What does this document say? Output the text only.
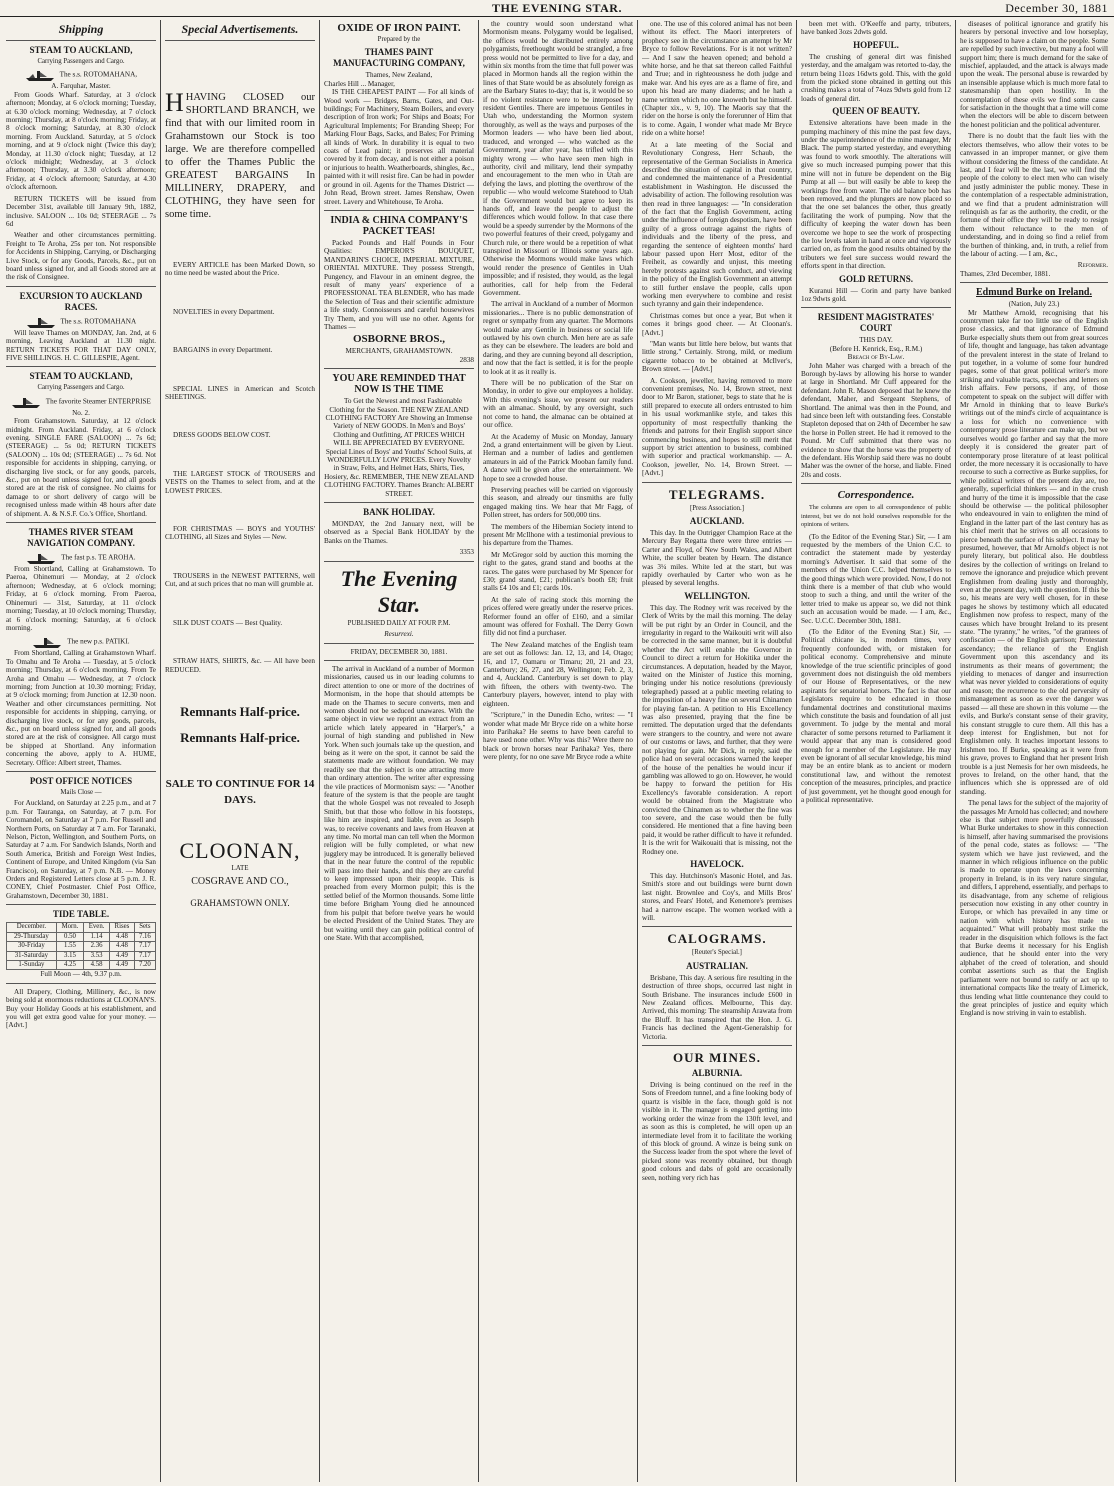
THE EVENING STAR.	December 30, 1881
Shipping
STEAM TO AUCKLAND,
Carrying Passengers and Cargo.
The s.s. ROTOMAHANA,
A. Farquhar, Master.

From Goods Wharf. Saturday, at 3 o'clock afternoon; Monday, at 6 o'clock morning; Tuesday, at 6.30 o'clock morning; Wednesday, at 7 o'clock morning; Thursday, at 8 o'clock morning; Friday, at 8 o'clock morning; Saturday, at 8.30 o'clock morning. From Auckland. Saturday, at 5 o'clock morning, and at 9 o'clock night (Twice this day); Monday, at 11.30 o'clock night; Tuesday, at 12 o'clock midnight; Wednesday, at 3 o'clock afternoon; Thursday, at 3.30 o'clock afternoon; Friday, at 4 o'clock afternoon; Saturday, at 4.30 o'clock afternoon.

RETURN TICKETS will be issued from December 31st, available till January 9th, 1882, inclusive. SALOON ... 10s 0d; STEERAGE ... 7s 6d

Weather and other circumstances permitting. Freight to Te Aroha, 25s per ton. Not responsible for Accidents in Shipping, Carrying, or Discharging Live Stock, or for any Goods, Parcels, &c., put on board unless signed for, and all Goods stored are at the risk of Consignee.

EXCURSION TO AUCKLAND RACES.
The s.s. ROTOMAHANA

Will leave Thames on MONDAY, Jan. 2nd, at 6 morning, Leaving Auckland at 11.30 night. RETURN TICKETS FOR THAT DAY ONLY, FIVE SHILLINGS. H. C. GILLESPIE, Agent.

STEAM TO AUCKLAND,
Carrying Passengers and Cargo.
The favorite Steamer ENTERPRISE No. 2.

From Grahamstown. Saturday, at 12 o'clock midnight. From Auckland. Friday, at 6 o'clock evening. SINGLE FARE (SALOON) ... 7s 6d; (STEERAGE) ... 5s 0d; RETURN TICKETS (SALOON) ... 10s 0d; (STEERAGE) ... 7s 6d. Not responsible for accidents in shipping, carrying, or discharging live stock, or for any goods, parcels, &c., put on board unless signed for, and all goods stored are at the risk of consignee. No claims for damage to or short delivery of cargo will be recognised unless made within 48 hours after date of shipment. A. & N.S.F. Co.'s Office, Shortland.

THAMES RIVER STEAM NAVIGATION COMPANY.
The fast p.s. TE AROHA.

From Shortland, Calling at Grahamstown. To Paeroa, Ohinemuri — Monday, at 2 o'clock afternoon; Wednesday, at 6 o'clock morning; Friday, at 6 o'clock morning. From Paeroa, Ohinemuri — 31st, Saturday, at 11 o'clock morning; Tuesday, at 10 o'clock morning; Thursday, at 6 o'clock morning; Saturday, at 6 o'clock morning.

The new p.s. PATIKI.

From Shortland, Calling at Grahamstown Wharf. To Omahu and Te Aroha — Tuesday, at 5 o'clock morning; Thursday, at 6 o'clock morning. From Te Aroha and Omahu — Wednesday, at 7 o'clock morning; from Junction at 10.30 morning; Friday, at 9 o'clock morning; from Junction at 12.30 noon. Weather and other circumstances permitting. Not responsible for accidents in shipping, carrying, or discharging live stock, or for any goods, parcels, &c., put on board unless signed for, and all goods stored are at the risk of consignee. All cargo must be shipped at Shortland. Any information concerning the above, apply to A. HUME, Secretary. Office: Albert street, Thames.

POST OFFICE NOTICES
Mails Close —

For Auckland, on Saturday at 2.25 p.m., and at 7 p.m. For Tauranga, on Saturday, at 7 p.m. For Coromandel, on Saturday at 7 p.m. For Russell and Northern Ports, on Saturday at 7 a.m. For Taranaki, Nelson, Picton, Wellington, and Southern Ports, on Saturday at 7 a.m. For Sandwich Islands, North and South America, British and Foreign West Indies, Continent of Europe, and United Kingdom (via San Francisco), on Saturday, at 7 p.m. N.B. — Money Orders and Registered Letters close at 5 p.m. J. R. CONEY, Chief Postmaster. Chief Post Office, Grahamstown, December 30, 1881.

TIDE TABLE.
December.	Morn.	Even.	Rises	Sets
29-Thursday	0.50	1.14	4.48	7.16
30-Friday	1.55	2.36	4.48	7.17
31-Saturday	3.15	3.53	4.49	7.17
1-Sunday	4.25	4.58	4.49	7.20
Full Moon — 4th, 9.37 p.m.

All Drapery, Clothing, Millinery, &c., is now being sold at enormous reductions at CLOONAN'S. Buy your Holiday Goods at his establishment, and you will get extra good value for your money. — [Advt.]

Special Advertisements.
HHAVING CLOSED our SHORTLAND BRANCH, we find that with our limited room in Grahamstown our Stock is too large. We are therefore compelled to offer the Thames Public the GREATEST BARGAINS In MILLINERY, DRAPERY, and CLOTHING, they have seen for some time.

EVERY ARTICLE has been Marked Down, so no time need be wasted about the Price.

NOVELTIES in every Department.

BARGAINS in every Department.

SPECIAL LINES in American and Scotch SHEETINGS.

DRESS GOODS BELOW COST.

THE LARGEST STOCK of TROUSERS and VESTS on the Thames to select from, and at the LOWEST PRICES.

FOR CHRISTMAS — BOYS and YOUTHS' CLOTHING, all Sizes and Styles — New.

TROUSERS in the NEWEST PATTERNS, well Cut, and at such prices that no man will grumble at.

SILK DUST COATS — Best Quality.

STRAW HATS, SHIRTS, &c. — All have been REDUCED.

Remnants Half-price.
Remnants Half-price.
SALE TO CONTINUE FOR 14 DAYS.
CLOONAN,
LATE
COSGRAVE AND CO.,
GRAHAMSTOWN ONLY.
OXIDE OF IRON PAINT.
Prepared by the
THAMES PAINT MANUFACTURING COMPANY,
Thames, New Zealand,
Charles Hill ... Manager,

IS THE CHEAPEST PAINT — For all kinds of Wood work — Bridges, Barns, Gates, and Out-buildings; For Machinery, Steam Boilers, and every description of Iron work; For Ships and Boats; For Agricultural Implements; For Branding Sheep; For Marking Flour Bags, Sacks, and Bales; For Priming all kinds of Work. In durability it is equal to two coats of Lead paint; it preserves all material covered by it from decay, and is not either a poison or injurious to health. Weatherboards, shingles, &c., painted with it will resist fire. Can be had in powder or ground in oil. Agents for the Thames District — John Read, Brown street. James Renshaw, Owen street. Lavery and Whitehouse, Te Aroha.

INDIA & CHINA COMPANY'S PACKET TEAS!

Packed Pounds and Half Pounds in Four Qualities: EMPEROR'S BOUQUET, MANDARIN'S CHOICE, IMPERIAL MIXTURE, ORIENTAL MIXTURE. They possess Strength, Pungency, and Flavour in an eminent degree, the result of many years' experience of a PROFESSIONAL TEA BLENDER, who has made the Selection of Teas and their scientific admixture a life study. Connoisseurs and careful housewives Try Them, and you will use no other. Agents for Thames —

OSBORNE BROS.,
MERCHANTS, GRAHAMSTOWN.
2838
YOU ARE REMINDED THAT NOW IS THE TIME

To Get the Newest and most Fashionable Clothing for the Season. THE NEW ZEALAND CLOTHING FACTORY Are Showing an Immense Variety of NEW GOODS. In Men's and Boys' Clothing and Outfitting, AT PRICES WHICH WILL BE APPRECIATED BY EVERYONE. Special Lines of Boys' and Youths' School Suits, at WONDERFULLY LOW PRICES. Every Novelty in Straw, Felts, and Helmet Hats, Shirts, Ties, Hosiery, &c. REMEMBER, THE NEW ZEALAND CLOTHING FACTORY. Thames Branch: ALBERT STREET.

BANK HOLIDAY.

MONDAY, the 2nd January next, will be observed as a Special Bank HOLIDAY by the Banks on the Thames.

3353
The Evening Star.
PUBLISHED DAILY AT FOUR P.M.
Resurrexi.
FRIDAY, DECEMBER 30, 1881.

The arrival in Auckland of a number of Mormon missionaries, caused us in our leading columns to direct attention to one or more of the doctrines of Mormonism, in the hope that should attempts be made on the Thames to secure converts, men and women should not be seduced unawares. With the same object in view we reprint an extract from an article which lately appeared in "Harper's," a journal of high standing and published in New York. When such journals take up the question, and being as it were on the spot, it cannot be said the statements made are without foundation. We may readily see that the subject is one attracting more than ordinary attention. The writer after expressing the vile practices of Mormonism says: — "Another feature of the system is that the people are taught that the whole Gospel was not revealed to Joseph Smith, but that those who follow in his footsteps, like him are inspired, and liable, even as Joseph was, to receive covenants and laws from Heaven at any time. No mortal man can tell when the Mormon religion will be fully completed, or what new jugglery may be introduced. It is generally believed that in the near future the control of the republic will pass into their hands, and this they are careful to keep impressed upon their people. This is preached from every Mormon pulpit; this is the settled belief of the Mormon thousands. Some little time before Brigham Young died he announced from his pulpit that before twelve years he would be elected President of the United States. They are but waiting until they can gain political control of one State. With that accomplished,

the country would soon understand what Mormonism means. Polygamy would be legalised, the offices would be distributed entirely among polygamists, freethought would be strangled, a free press would not be permitted to live for a day, and within six months from the time that full power was placed in Mormon hands all the region within the lines of that State would be as absolutely foreign as are the Barbary States to-day; that is, it would be so if no violent resistance were to be interposed by resident Gentiles. There are impetuous Gentiles in Utah who, understanding the Mormon system thoroughly, as well as the ways and purposes of the Mormon leaders — who have been lied about, traduced, and wronged — who watched as the Government, year after year, has trifled with this mighty wrong — who have seen men high in authority, civil and military, lend their sympathy and encouragement to the men who in Utah are defying the laws, and plotting the overthrow of the republic — who would welcome Statehood to Utah if the Government would but agree to keep its hands off, and leave the people to adjust the differences which would follow. In that case there would be a speedy surrender by the Mormons of the two powerful features of their creed, polygamy and Church rule, or there would be a repetition of what transpired in Missouri or Illinois some years ago. Otherwise the Mormons would make laws which would render the presence of Gentiles in Utah impossible; and if resisted, they would, as the legal authorities, call for help from the Federal Government.

The arrival in Auckland of a number of Mormon missionaries... There is no public demonstration of regret or sympathy from any quarter. The Mormons would make any Gentile in business or social life outlawed by his own church. Men here are as safe as they can be elsewhere. The leaders are bold and daring, and they are cunning beyond all description, and now that the fact is settled, it is for the people to look at it as it really is.

There will be no publication of the Star on Monday, in order to give our employees a holiday. With this evening's issue, we present our readers with an almanac. Should, by any oversight, such not come to hand, the almanac can be obtained at our office.

At the Academy of Music on Monday, January 2nd, a grand entertainment will be given by Lieut. Herman and a number of ladies and gentlemen amateurs in aid of the Patrick Mooban family fund. A dance will be given after the entertainment. We hope to see a crowded house.

Preserving peaches will be carried on vigorously this season, and already our tinsmiths are fully engaged making tins. We hear that Mr Fagg, of Pollen street, has orders for 500,000 tins.

The members of the Hibernian Society intend to present Mr McIlhone with a testimonial previous to his departure from the Thames.

Mr McGregor sold by auction this morning the right to the gates, grand stand and booths at the races. The gates were purchased by Mr Spencer for £30; grand stand, £21; publican's booth £8; fruit stalls £4 10s and £1; cards 10s.

At the sale of racing stock this morning the prices offered were greatly under the reserve prices. Reformer found an offer of £160, and a similar amount was offered for Foxhall. The Derry Gown filly did not find a purchaser.

The New Zealand matches of the English team are set out as follows: Jan. 12, 13, and 14, Otago; 16, and 17, Oamaru or Timaru; 20, 21 and 23, Canterbury; 26, 27, and 28, Wellington; Feb. 2, 3, and 4, Auckland. Canterbury is set down to play with fifteen, the others with twenty-two. The Canterbury players, however, intend to play with eighteen.

"Scripture," in the Dunedin Echo, writes: — "I wonder what made Mr Bryce ride on a white horse into Parihaka? He seems to have been careful to have used none other. Why was this? Were there no black or brown horses near Parihaka? Yes, there were plenty, for no one save Mr Bryce rode a white

one. The use of this colored animal has not been without its effect. The Maori interpreters of prophecy see in the circumstance an attempt by Mr Bryce to follow Revelations. For is it not written? — And I saw the heaven opened; and behold a white horse, and he that sat thereon called Faithful and True; and in righteousness he doth judge and make war. And his eyes are as a flame of fire, and upon his head are many diadems; and he hath a name written which no one knoweth but he himself. (Chapter xix., v. 9, 10). The Maoris say that the rider on the horse is only the forerunner of Him that is to come. Again, I wonder what made Mr Bryce ride on a white horse!

At a late meeting of the Social and Revolutionary Congress, Herr Schaub, the representative of the German Socialists in America described the situation of capital in that country, and condemned the maintenance of a Presidential establishment in Washington. He discussed the advisability of action. The following resolution was then read in three languages: — "In consideration of the fact that the English Government, acting under the influence of foreign despotism, have been guilty of a gross outrage against the rights of individuals and the liberty of the press, and regarding the sentence of eighteen months' hard labour passed upon Herr Most, editor of the Freiheit, as cowardly and unjust, this meeting hereby protests against such conduct, and viewing in the policy of the English Government an attempt to still further enslave the people, calls upon working men everywhere to combine and resist such tyranny and gain their independence.

Christmas comes but once a year, But when it comes it brings good cheer. — At Cloonan's. [Advt.]

"Man wants but little here below, but wants that little strong." Certainly. Strong, mild, or medium cigarette tobacco to be obtained at McIlver's, Brown street. — [Advt.]

A. Cookson, jeweller, having removed to more convenient premises, No. 14, Brown street, next door to Mr Baron, stationer, begs to state that he is still prepared to execute all orders entrusted to him in his usual workmanlike style, and takes this opportunity of most respectfully thanking the friends and patrons for their English support since commencing business, and hopes to still merit that support by strict attention to business, combined with superior and practical workmanship. — A. Cookson, jeweller, No. 14, Brown Street. — [Advt.]

TELEGRAMS.
[Press Association.]
AUCKLAND.

This day. In the Outrigger Champion Race at the Mercury Bay Regatta there were three entries — Carter and Floyd, of New South Wales, and Albert White, the sculler beaten by Hearn. The distance was 3¼ miles. White led at the start, but was rapidly overhauled by Carter who won as he pleased by several lengths.

WELLINGTON.

This day. The Rodney writ was received by the Clerk of Writs by the mail this morning. The delay will be put right by an Order in Council, and the irregularity in regard to the Waikouiti writ will also be corrected in the same manner, but it is doubtful whether the Act will enable the Governor in Council to direct a return for Hokitika under the circumstances. A deputation, headed by the Mayor, waited on the Minister of Justice this morning, bringing under his notice resolutions (previously telegraphed) passed at a public meeting relating to the imposition of a heavy fine on several Chinamen for playing fan-tan. A petition to His Excellency was also presented, praying that the fine be remitted. The deputation urged that the defendants were strangers to the country, and were not aware of our customs or laws, and further, that they were not playing for gain. Mr Dick, in reply, said the police had on several occasions warned the keeper of the house of the penalties he would incur if gambling was allowed to go on. However, he would be happy to forward the petition for His Excellency's favorable consideration. A report would be obtained from the Magistrate who convicted the Chinamen as to whether the fine was too severe, and the case would then be fully considered. He mentioned that a fine having been paid, it would be rather difficult to have it refunded. It is the writ for Waikouaiti that is missing, not the Rodney one.

HAVELOCK.

This day. Hutchinson's Masonic Hotel, and Jas. Smith's store and out buildings were burnt down last night. Brownlee and Coy's, and Mills Bros' stores, and Fears' Hotel, and Kenemore's premises had a narrow escape. The women worked with a will.

CALOGRAMS.
[Reuter's Special.]
AUSTRALIAN.

Brisbane, This day. A serious fire resulting in the destruction of three shops, occurred last night in South Brisbane. The insurances include £600 in New Zealand offices. Melbourne, This day. Arrived, this morning: The steamship Arawata from the Bluff. It has transpired that the Hon. J. G. Francis has declined the Agent-Generalship for Victoria.

OUR MINES.
ALBURNIA.

Driving is being continued on the reef in the Sons of Freedom tunnel, and a fine looking body of quartz is visible in the face, though gold is not visible in it. The manager is engaged getting into working order the winze from the 130ft level, and as soon as this is completed, he will open up an intermediate level from it to facilitate the working of this block of ground. A winze is being sunk on the Success leader from the spot where the level of picked stone was recently obtained, but though good colours and dabs of gold are occasionally seen, nothing very rich has

been met with. O'Keeffe and party, tributers, have banked 3ozs 2dwts gold.

HOPEFUL.

The crushing of general dirt was finished yesterday, and the amalgam was retorted to-day, the return being 11ozs 16dwts gold. This, with the gold from the picked stone obtained in getting out this crushing makes a total of 74ozs 9dwts gold from 12 loads of general dirt.

QUEEN OF BEAUTY.

Extensive alterations have been made in the pumping machinery of this mine the past few days, under the superintendence of the mine manager, Mr Black. The pump started yesterday, and everything was found to work smoothly. The alterations will give so much increased pumping power that this mine will not in future be dependent on the Big Pump at all — but will easily be able to keep the workings free from water. The old balance bob has been removed, and the plungers are now placed so that the one set balances the other, thus greatly facilitating the work of pumping. Now that the difficulty of keeping the water down has been overcome we hope to see the work of prospecting the low levels taken in hand at once and vigorously carried on, as from the good results obtained by the tributers we feel sure success would reward the efforts spent in that direction.

GOLD RETURNS.

Kuranui Hill — Corin and party have banked 1oz 9dwts gold.

RESIDENT MAGISTRATES' COURT
THIS DAY.
(Before H. Kenrick, Esq., R.M.)
Breach of By-Law.

John Maher was charged with a breach of the Borough by-laws by allowing his horse to wander at large in Shortland. Mr Cuff appeared for the defendant. John R. Mason deposed that he knew the defendant, Maher, and Sergeant Stephens, of Shortland. The animal was then in the Pound, and had since been left with outstanding fees. Constable Stapleton deposed that on 24th of December he saw the horse in Pollen street. He had it removed to the Pound. Mr Cuff submitted that there was no evidence to show that the horse was the property of the defendant. His Worship said there was no doubt Maher was the owner of the horse, and liable. Fined 20s and costs.

Correspondence.

The columns are open to all correspondence of public interest, but we do not hold ourselves responsible for the opinions of writers.

(To the Editor of the Evening Star.) Sir, — I am requested by the members of the Union C.C. to contradict the statement made by yesterday morning's Advertiser. It said that some of the members of the Union C.C. helped themselves to the good things which were provided. Now, I do not think there is a member of that club who would stoop to such a thing, and until the writer of the letter tried to make us appear so, we did not think such an accusation would be made. — I am, &c., Sec. U.C.C. December 30th, 1881.

(To the Editor of the Evening Star.) Sir, — Political chicane is, in modern times, very frequently confounded with, or mistaken for political economy. Comprehensive and minute knowledge of the true scientific principles of good government does not distinguish the old members of our House of Representatives, or the new aspirants for senatorial honors. The fact is that our Legislators require to be educated in those fundamental doctrines and constitutional maxims which constitute the basis and foundation of all just government. To judge by the mental and moral character of some persons returned to Parliament it would appear that any man is considered good enough for a member of the Legislature. He may even be ignorant of all secular knowledge, his mind may be an entire blank as to ancient or modern constitutional law, and without the remotest conception of the measures, principles, and practice of just government, yet he thought good enough for a political representative.

diseases of political ignorance and gratify his hearers by personal invective and low horseplay, he is supposed to have a claim on the people. Some are repelled by such invective, but many a fool will support him; there is much demand for the sake of mischief, applauded, and the attack is always made upon the weak. The personal abuse is rewarded by an insensible applause which is much more fatal to statesmanship than open hostility. In the contemplation of these evils we find some cause for satisfaction in the thought that a time will come when the electors will be able to discern between the honest politician and the political adventurer.

There is no doubt that the fault lies with the electors themselves, who allow their votes to be canvassed in an improper manner, or give them without considering the fitness of the candidate. At last, and I fear will be the last, we will find the people of the colony to elect men who can wisely and justly administer the public money. These in the contemplation of a respectable administration, and we find that a prudent administration will relinquish as far as the authority, the credit, or the fortune of their office they will be ready to resign them without reluctance to the men of understanding, and in doing so find a relief from the burthen of thinking, and, in truth, a relief from the labour of acting. — I am, &c.,

Reformer.
Thames, 23rd December, 1881.
Edmund Burke on Ireland.
(Nation, July 23.)

Mr Matthew Arnold, recognising that his countrymen take far too little use of the English prose classics, and that ignorance of Edmund Burke especially shuts them out from great sources of life, thought and language, has taken advantage of the prevalent interest in the state of Ireland to put together, in a volume of some four hundred pages, some of that great political writer's more striking and valuable tracts, speeches and letters on Irish affairs. Few persons, if any, of those competent to speak on the subject will differ with Mr Arnold in thinking that to leave Burke's writings out of the mind's circle of acquaintance is a loss for which no convenience with contemporary prose literature can make up, but we ourselves would go farther and say that the more deeply it is considered the greater part of contemporary prose literature of at least political order, the more necessary it is occasionally to have recourse to such a corrective as Burke supplies, for while political writers of the present day are, too generally, superficial thinkers — and in the crush and hurry of the time it is impossible that the case should be otherwise — the political philosopher who endeavoured in vain to enlighten the mind of England in the latter part of the last century has as his chief merit that he strives on all occasions to pierce beneath the surface of his subject. It may be presumed, however, that Mr Arnold's object is not purely literary, but political also. He doubtless desires by the collection of writings on Ireland to remove the ignorance and prejudice which prevent Englishmen from dealing justly and thoroughly, even at the present day, with the question. If this be so, his means are very well chosen, for in these pages he shows by testimony which all educated Englishmen now profess to respect, many of the causes which have brought Ireland to its present state. "The tyranny," he writes, "of the grantees of confiscation — of the English garrison; Protestant ascendancy; the reliance of the English Government upon this ascendancy and its instruments as their means of government; the yielding to menaces of danger and insurrection what was never yielded to considerations of equity and reason; the recurrence to the old perversity of mismanagement as soon as ever the danger was passed — all these are shown in this volume — the evils, and Burke's constant sense of their gravity, his constant struggle to cure them. All this has a deep interest for Englishmen, but not for Englishmen only. It teaches important lessons to Irishmen too. If Burke, speaking as it were from his grave, proves to England that her present Irish trouble is a just Nemesis for her own misdeeds, he proves to Ireland, on the other hand, that the influences which she is oppressed are of old standing.

The penal laws for the subject of the majority of the passages Mr Arnold has collected; and nowhere else is that subject more powerfully discussed. What Burke undertakes to show in this connection is himself, after having summarised the provisions of the penal code, states as follows: — "The system which we have just reviewed, and the manner in which religious influence on the public is made to operate upon the laws concerning property in Ireland, is in its very nature singular, and differs, I apprehend, essentially, and perhaps to its disadvantage, from any scheme of religious persecution now existing in any other country in Europe, or which has prevailed in any time or nation with which history has made us acquainted." What will probably most strike the reader in the disquisition which follows is the fact that Burke deems it necessary for his English audience, that he should enter into the very alphabet of the creed of toleration, and should combat assertions such as that the English parliament were not bound to ratify or act up to international compacts like the treaty of Limerick, thus lending what little countenance they could to the great principles of justice and equity which England is now striving in vain to establish.
